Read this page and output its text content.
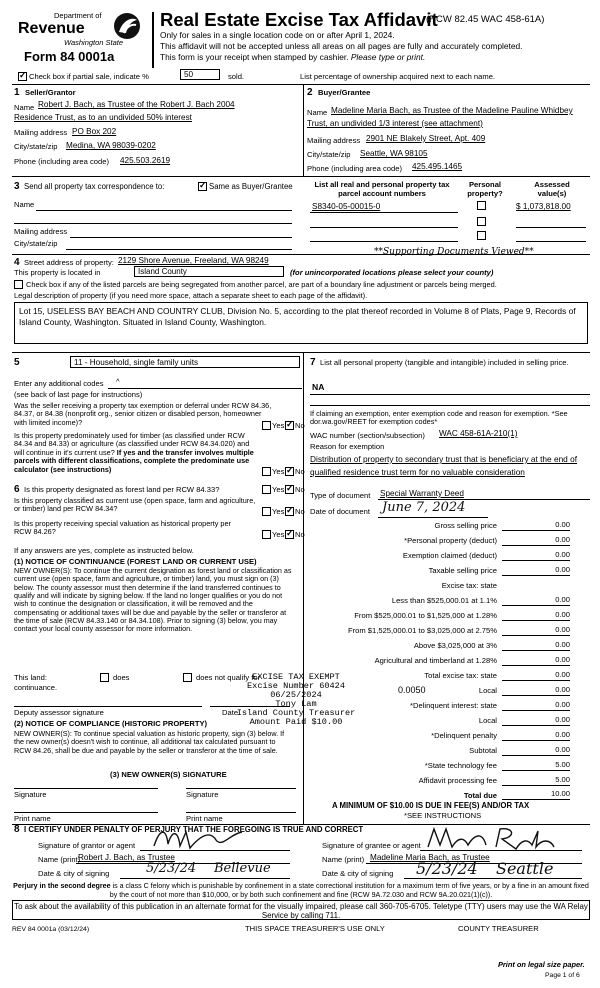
Department of
Revenue
Washington State
Form 84 0001a
Real Estate Excise Tax Affidavit
(RCW 82.45 WAC 458-61A)
Only for sales in a single location code on or after April 1, 2024.
This affidavit will not be accepted unless all areas on all pages are fully and accurately completed.
This form is your receipt when stamped by cashier. Please type or print.
✓
Check box if partial sale, indicate %	50	sold.	List percentage of ownership acquired next to each name.
1 Seller/Grantor
Name Robert J. Bach, as Trustee of the Robert J. Bach 2004
Residence Trust, as to an undivided 50% interest
Mailing address PO Box 202
City/state/zip Medina, WA 98039-0202
Phone (including area code) 425.503.2619
2 Buyer/Grantee
Name Madeline Maria Bach, as Trustee of the Madeline Pauline Whidbey
Trust, an undivided 1/3 interest (see attachment)
Mailing address 2901 NE Blakely Street, Apt. 409
City/state/zip Seattle, WA 98105
Phone (including area code) 425.495.1465
3 Send all property tax correspondence to: ✓	Same as Buyer/Grantee
Name
Mailing address
City/state/zip
List all real and personal property tax
parcel account numbers
Personal
property?
Assessed
value(s)
S8340-05-00015-0	$ 1,073,818.00
**Supporting Documents Viewed**
4 Street address of property: 2129 Shore Avenue, Freeland, WA 98249
This property is located in	Island County	(for unincorporated locations please select your county)
Check box if any of the listed parcels are being segregated from another parcel, are part of a boundary line adjustment or parcels being merged.
Legal description of property (if you need more space, attach a separate sheet to each page of the affidavit).
Lot 15, USELESS BAY BEACH AND COUNTRY CLUB, Division No. 5, according to the plat thereof recorded in Volume 8 of Plats, Page 9, Records of Island County, Washington. Situated in Island County, Washington.
5	11 - Household, single family units
Enter any additional codes ^
(see back of last page for instructions)
Was the seller receiving a property tax exemption or deferral under RCW 84.36, 84.37, or 84.38 (nonprofit org., senior citizen or disabled person, homeowner with limited income)?	Yes ✓ No
Is this property predominately used for timber (as classified under RCW 84.34 and 84.33) or agriculture (as classified under RCW 84.34.020) and will continue in it's current use? If yes and the transfer involves multiple parcels with different classifications, complete the predominate use calculator (see instructions)	Yes ✓ No
6 Is this property designated as forest land per RCW 84.33?	Yes ✓ No
Is this property classified as current use (open space, farm and agriculture, or timber) land per RCW 84.34?	Yes ✓ No
Is this property receiving special valuation as historical property per RCW 84.26?	Yes ✓ No
If any answers are yes, complete as instructed below.
(1) NOTICE OF CONTINUANCE (FOREST LAND OR CURRENT USE)
NEW OWNER(S): To continue the current designation as forest land or classification as current use (open space, farm and agriculture, or timber) land, you must sign on (3) below. The county assessor must then determine if the land transferred continues to qualify and will indicate by signing below. If the land no longer qualifies or you do not wish to continue the designation or classification, it will be removed and the compensating or additional taxes will be due and payable by the seller or transferor at the time of sale (RCW 84.33.140 or 84.34.108). Prior to signing (3) below, you may contact your local county assessor for more information.
This land:	does	does not qualify for
continuance.
Deputy assessor signature	Date
(2) NOTICE OF COMPLIANCE (HISTORIC PROPERTY)
NEW OWNER(S): To continue special valuation as historic property, sign (3) below. If the new owner(s) doesn't wish to continue, all additional tax calculated pursuant to RCW 84.26, shall be due and payable by the seller or transferor at the time of sale.
(3) NEW OWNER(S) SIGNATURE
Signature	Signature
Print name	Print name
7 List all personal property (tangible and intangible) included in selling price.
NA
If claiming an exemption, enter exemption code and reason for exemption. *See dor.wa.gov/REET for exemption codes*
WAC number (section/subsection) WAC 458-61A-210(1)
Reason for exemption
Distribution of property to secondary trust that is beneficiary at the end of qualified residence trust term for no valuable consideration
Type of document Special Warranty Deed
Date of document June 7, 2024
Gross selling price	0.00
*Personal property (deduct)	0.00
Exemption claimed (deduct)	0.00
Taxable selling price	0.00
Excise tax: state
Less than $525,000.01 at 1.1%	0.00
From $525,000.01 to $1,525,000 at 1.28%	0.00
From $1,525,000.01 to $3,025,000 at 2.75%	0.00
Above $3,025,000 at 3%	0.00
Agricultural and timberland at 1.28%	0.00
Total excise tax: state	0.00
Local	0.00
*Delinquent interest: state	0.00
Local	0.00
*Delinquent penalty	0.00
Subtotal	0.00
*State technology fee	5.00
Affidavit processing fee	5.00
Total due	10.00
0.0050
A MINIMUM OF $10.00 IS DUE IN FEE(S) AND/OR TAX
*SEE INSTRUCTIONS
EXCISE TAX EXEMPT
Excise Number 60424
06/25/2024
Tony Lam
Island County Treasurer
Amount Paid $10.00
8 I CERTIFY UNDER PENALTY OF PERJURY THAT THE FOREGOING IS TRUE AND CORRECT
Signature of grantor or agent
Name (print)
Robert J. Bach, as Trustee
Date & city of signing	5/23/24 Bellevue
Signature of grantee or agent
Name (print) Madeline Maria Bach, as Trustee
Date & city of signing 5/23/24 Seattle
Perjury in the second degree is a class C felony which is punishable by confinement in a state correctional institution for a maximum term of five years, or by a fine in an amount fixed by the court of not more than $10,000, or by both such confinement and fine (RCW 9A.72.030 and RCW 9A.20.021(1)(c)).
To ask about the availability of this publication in an alternate format for the visually impaired, please call 360-705-6705. Teletype (TTY) users may use the WA Relay Service by calling 711.
REV 84 0001a (03/12/24)	THIS SPACE TREASURER'S USE ONLY	COUNTY TREASURER
Print on legal size paper.
Page 1 of 6
